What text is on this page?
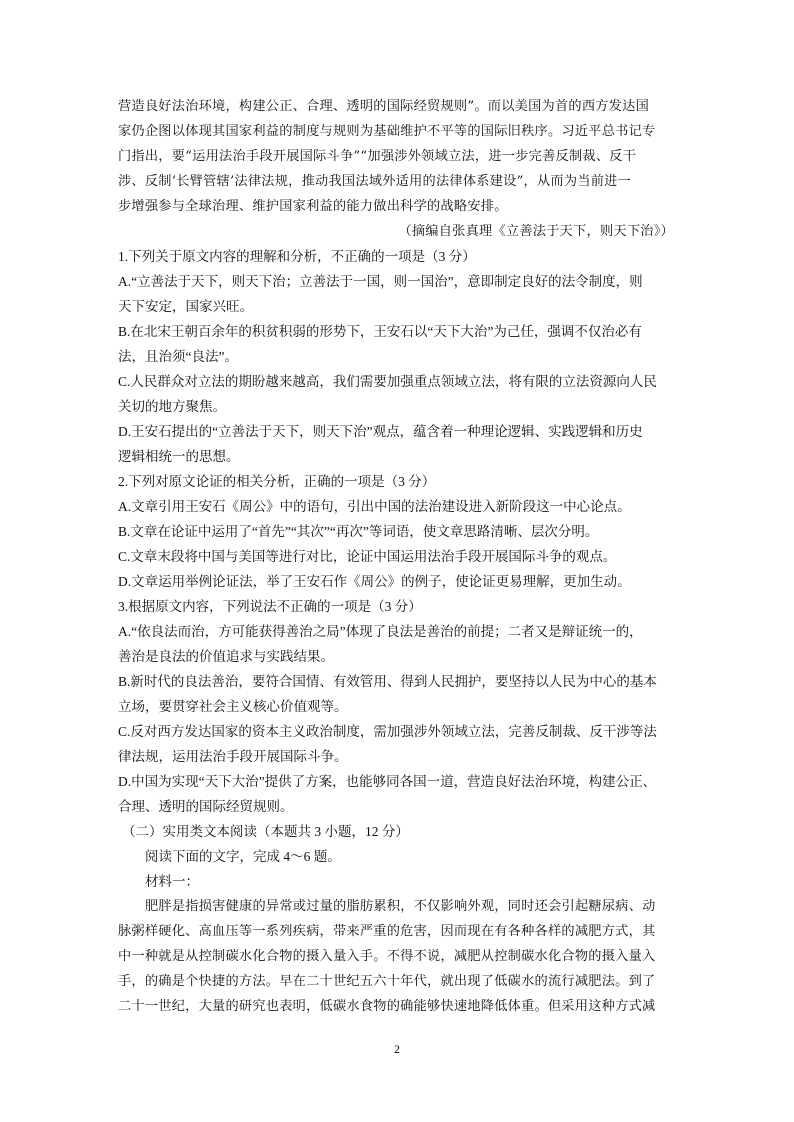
营造良好法治环境，构建公正、合理、透明的国际经贸规则”。而以美国为首的西方发达国
家仍企图以体现其国家利益的制度与规则为基础维护不平等的国际旧秩序。习近平总书记专
门指出，要“运用法治手段开展国际斗争”“加强涉外领域立法，进一步完善反制裁、反干
涉、反制‘长臂管辖’法律法规，推动我国法域外适用的法律体系建设”，从而为当前进一
步增强参与全球治理、维护国家利益的能力做出科学的战略安排。
（摘编自张真理《立善法于天下，则天下治》）
1.下列关于原文内容的理解和分析，不正确的一项是（3 分）
A.“立善法于天下，则天下治；立善法于一国，则一国治”，意即制定良好的法令制度，则
天下安定，国家兴旺。
B.在北宋王朝百余年的积贫积弱的形势下，王安石以“天下大治”为己任，强调不仅治必有
法，且治须“良法”。
C.人民群众对立法的期盼越来越高，我们需要加强重点领域立法，将有限的立法资源向人民
关切的地方聚焦。
D.王安石提出的“立善法于天下，则天下治”观点，蕴含着一种理论逻辑、实践逻辑和历史
逻辑相统一的思想。
2.下列对原文论证的相关分析，正确的一项是（3 分）
A.文章引用王安石《周公》中的语句，引出中国的法治建设进入新阶段这一中心论点。
B.文章在论证中运用了“首先”“其次”“再次”等词语，使文章思路清晰、层次分明。
C.文章末段将中国与美国等进行对比，论证中国运用法治手段开展国际斗争的观点。
D.文章运用举例论证法，举了王安石作《周公》的例子，使论证更易理解，更加生动。
3.根据原文内容，下列说法不正确的一项是（3 分）
A.“依良法而治，方可能获得善治之局”体现了良法是善治的前提；二者又是辩证统一的，
善治是良法的价值追求与实践结果。
B.新时代的良法善治，要符合国情、有效管用、得到人民拥护，要坚持以人民为中心的基本
立场，要贯穿社会主义核心价值观等。
C.反对西方发达国家的资本主义政治制度，需加强涉外领域立法，完善反制裁、反干涉等法
律法规，运用法治手段开展国际斗争。
D.中国为实现“天下大治”提供了方案，也能够同各国一道，营造良好法治环境，构建公正、
合理、透明的国际经贸规则。
（二）实用类文本阅读（本题共 3 小题，12 分）
阅读下面的文字，完成 4～6 题。
材料一：
肥胖是指损害健康的异常或过量的脂肪累积，不仅影响外观，同时还会引起糖尿病、动
脉粥样硬化、高血压等一系列疾病，带来严重的危害，因而现在有各种各样的减肥方式，其
中一种就是从控制碳水化合物的摄入量入手。不得不说，减肥从控制碳水化合物的摄入量入
手，的确是个快捷的方法。早在二十世纪五六十年代，就出现了低碳水的流行减肥法。到了
二十一世纪，大量的研究也表明，低碳水食物的确能够快速地降低体重。但采用这种方式减
2
